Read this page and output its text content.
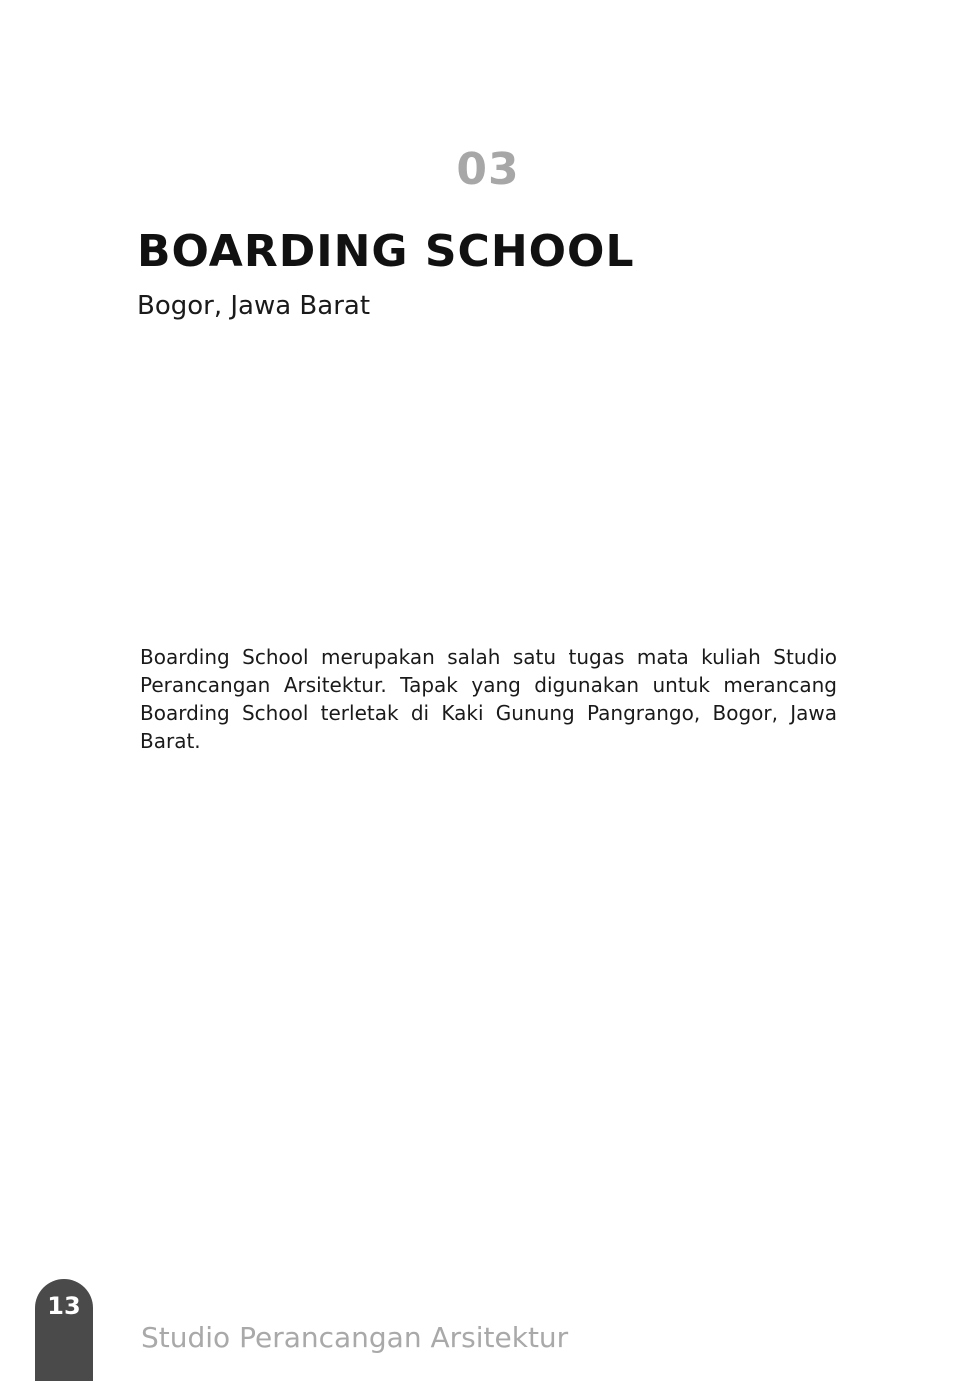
03
BOARDING SCHOOL
Bogor, Jawa Barat

Boarding School merupakan salah satu tugas mata kuliah Studio Perancangan Arsitektur. Tapak yang digunakan untuk merancang Boarding School terletak di Kaki Gunung Pangrango, Bogor, Jawa Barat.

13
Studio Perancangan Arsitektur
